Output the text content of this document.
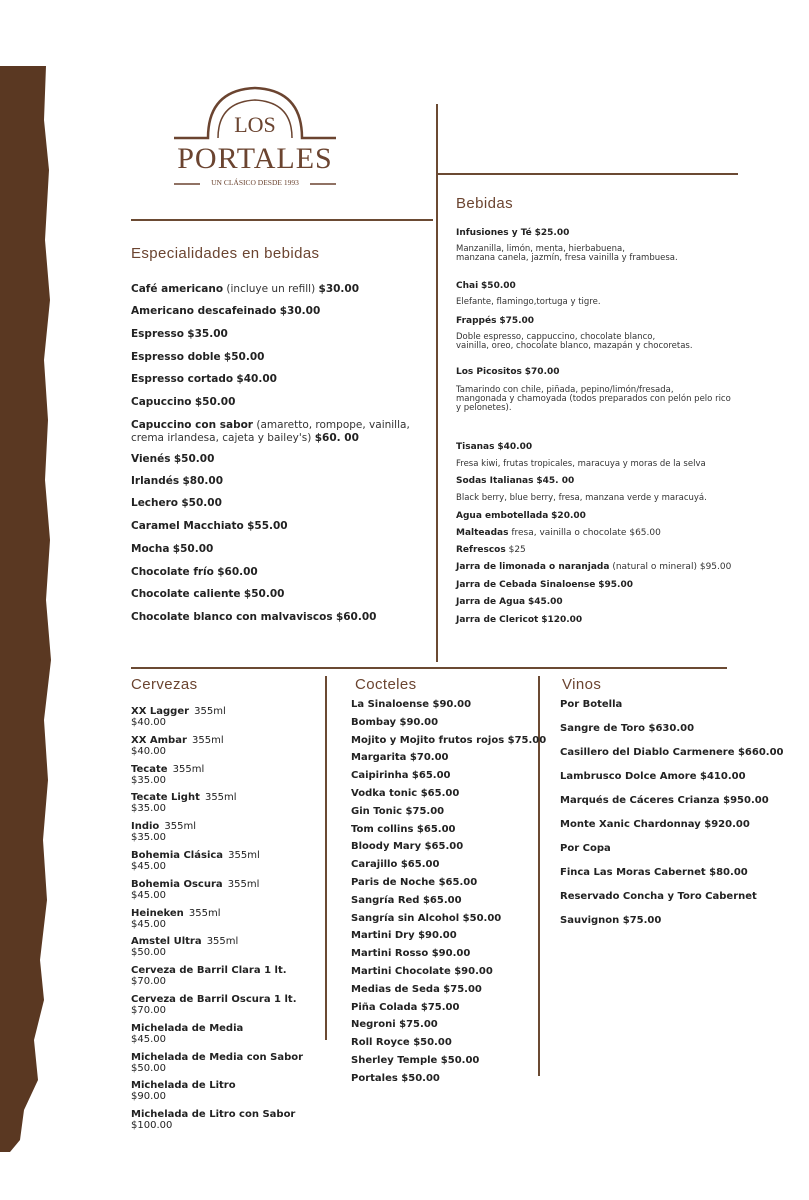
LOS
PORTALES
UN CLÁSICO DESDE 1993
Especialidades en bebidas
Café americano (incluye un refill) $30.00
Americano descafeinado $30.00
Espresso $35.00
Espresso doble $50.00
Espresso cortado $40.00
Capuccino $50.00
Capuccino con sabor (amaretto, rompope, vainilla,
crema irlandesa, cajeta y bailey's) $60. 00
Vienés $50.00
Irlandés $80.00
Lechero $50.00
Caramel Macchiato $55.00
Mocha $50.00
Chocolate frío $60.00
Chocolate caliente $50.00
Chocolate blanco con malvaviscos $60.00
Bebidas
Infusiones y Té $25.00
Manzanilla, limón, menta, hierbabuena,
manzana canela, jazmín, fresa vainilla y frambuesa.
Chai $50.00
Elefante, flamingo,tortuga y tigre.
Frappés $75.00
Doble espresso, cappuccino, chocolate blanco,
vainilla, oreo, chocolate blanco, mazapán y chocoretas.
Los Picositos $70.00
Tamarindo con chile, piñada, pepino/limón/fresada,
mangonada y chamoyada (todos preparados con pelón pelo rico
y pelonetes).
Tisanas $40.00
Fresa kiwi, frutas tropicales, maracuya y moras de la selva
Sodas Italianas $45. 00
Black berry, blue berry, fresa, manzana verde y maracuyá.
Agua embotellada $20.00
Malteadas fresa, vainilla o chocolate $65.00
Refrescos $25
Jarra de limonada o naranjada (natural o mineral) $95.00
Jarra de Cebada Sinaloense $95.00
Jarra de Agua $45.00
Jarra de Clericot $120.00
Cervezas	Cocteles	Vinos
XX Lagger 355ml
$40.00
XX Ambar 355ml
$40.00
Tecate 355ml
$35.00
Tecate Light 355ml
$35.00
Indio 355ml
$35.00
Bohemia Clásica 355ml
$45.00
Bohemia Oscura 355ml
$45.00
Heineken 355ml
$45.00
Amstel Ultra 355ml
$50.00
Cerveza de Barril Clara 1 lt.
$70.00
Cerveza de Barril Oscura 1 lt.
$70.00
Michelada de Media
$45.00
Michelada de Media con Sabor
$50.00
Michelada de Litro
$90.00
Michelada de Litro con Sabor
$100.00
La Sinaloense $90.00
Bombay $90.00
Mojito y Mojito frutos rojos $75.00
Margarita $70.00
Caipirinha $65.00
Vodka tonic $65.00
Gin Tonic $75.00
Tom collins $65.00
Bloody Mary $65.00
Carajillo $65.00
Paris de Noche $65.00
Sangría Red $65.00
Sangría sin Alcohol $50.00
Martini Dry $90.00
Martini Rosso $90.00
Martini Chocolate $90.00
Medias de Seda $75.00
Piña Colada $75.00
Negroni $75.00
Roll Royce $50.00
Sherley Temple $50.00
Portales $50.00
Por Botella
Sangre de Toro $630.00
Casillero del Diablo Carmenere $660.00
Lambrusco Dolce Amore $410.00
Marqués de Cáceres Crianza $950.00
Monte Xanic Chardonnay $920.00
Por Copa
Finca Las Moras Cabernet $80.00
Reservado Concha y Toro Cabernet
Sauvignon $75.00
